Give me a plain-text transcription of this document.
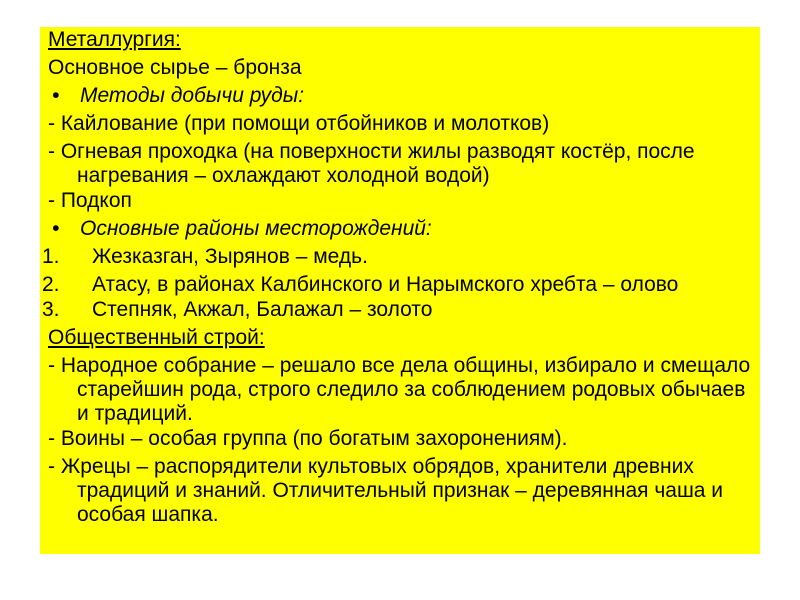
Металлургия:
Основное сырье – бронза
• Методы добычи руды:
- Кайлование (при помощи отбойников и молотков)
- Огневая проходка (на поверхности жилы разводят костёр, после нагревания – охлаждают холодной водой)
- Подкоп
• Основные районы месторождений:
1. Жезказган, Зырянов – медь.
2. Атасу, в районах Калбинского и Нарымского хребта – олово
3. Степняк, Акжал, Балажал – золото
Общественный строй:
- Народное собрание – решало все дела общины, избирало и смещало старейшин рода, строго следило за соблюдением родовых обычаев и традиций.
- Воины – особая группа (по богатым захоронениям).
- Жрецы – распорядители культовых обрядов, хранители древних традиций и знаний. Отличительный признак – деревянная чаша и особая шапка.
